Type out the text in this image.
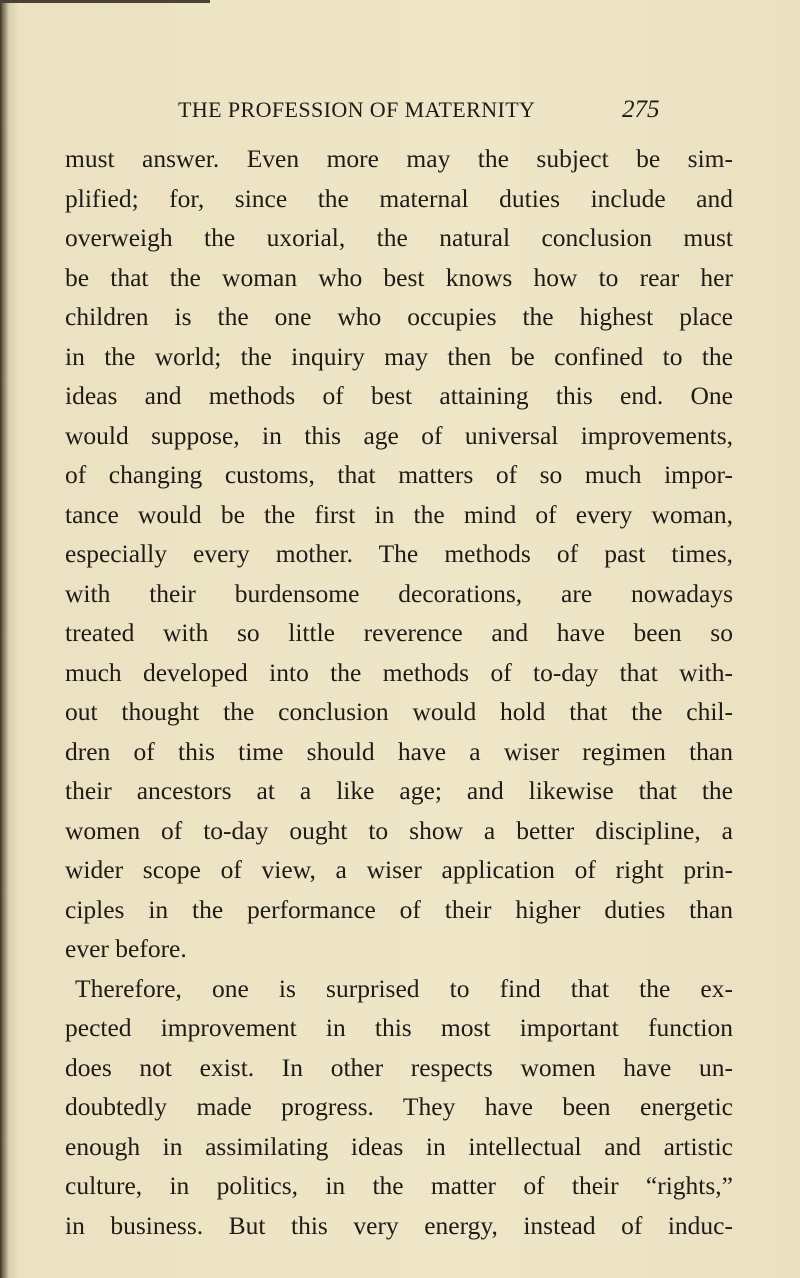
THE PROFESSION OF MATERNITY	275
must answer. Even more may the subject be sim-
plified; for, since the maternal duties include and
overweigh the uxorial, the natural conclusion must
be that the woman who best knows how to rear her
children is the one who occupies the highest place
in the world; the inquiry may then be confined to the
ideas and methods of best attaining this end. One
would suppose, in this age of universal improvements,
of changing customs, that matters of so much impor-
tance would be the first in the mind of every woman,
especially every mother. The methods of past times,
with their burdensome decorations, are nowadays
treated with so little reverence and have been so
much developed into the methods of to-day that with-
out thought the conclusion would hold that the chil-
dren of this time should have a wiser regimen than
their ancestors at a like age; and likewise that the
women of to-day ought to show a better discipline, a
wider scope of view, a wiser application of right prin-
ciples in the performance of their higher duties than
ever before.
Therefore, one is surprised to find that the ex-
pected improvement in this most important function
does not exist. In other respects women have un-
doubtedly made progress. They have been energetic
enough in assimilating ideas in intellectual and artistic
culture, in politics, in the matter of their “rights,”
in business. But this very energy, instead of induc-
